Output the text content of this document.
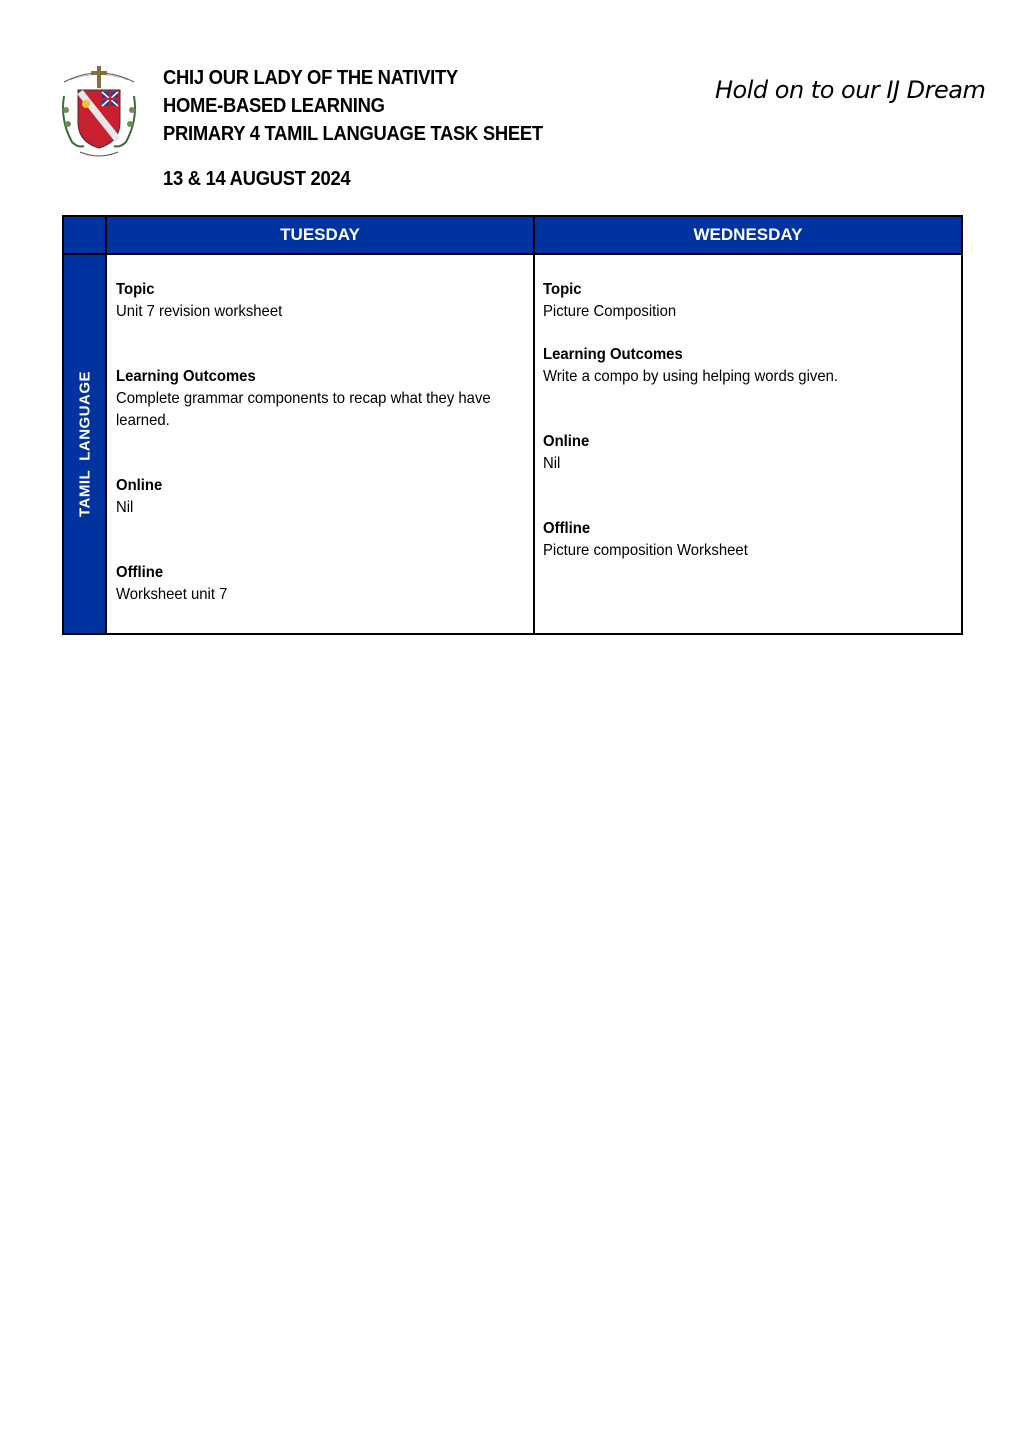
CHIJ OUR LADY OF THE NATIVITY
HOME-BASED LEARNING
PRIMARY 4 TAMIL LANGUAGE TASK SHEET
13 & 14 AUGUST 2024
Hold on to our IJ Dream
TUESDAY	WEDNESDAY
TAMIL  LANGUAGE
Topic
Unit 7 revision worksheet
Learning Outcomes
Complete grammar components to recap what they have learned.
Online
Nil
Offline
Worksheet unit 7
Topic
Picture Composition
Learning Outcomes
Write a compo by using helping words given.
Online
Nil
Offline
Picture composition Worksheet
